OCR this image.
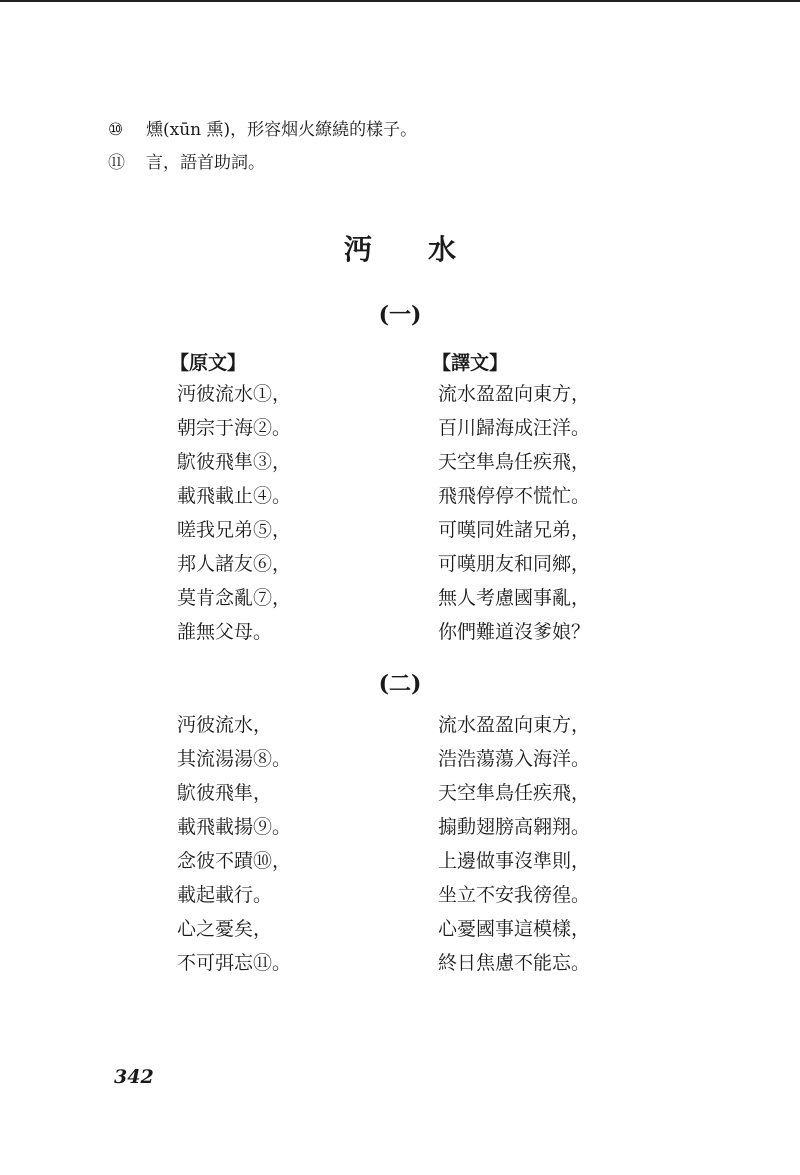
⑩ 燻(xūn 熏)，形容烟火繚繞的樣子。
⑪ 言，語首助詞。
沔水
(一)
【原文】	【譯文】
沔彼流水①，
朝宗于海②。
鴥彼飛隼③，
載飛載止④。
嗟我兄弟⑤，
邦人諸友⑥，
莫肯念亂⑦，
誰無父母。
流水盈盈向東方，
百川歸海成汪洋。
天空隼鳥任疾飛，
飛飛停停不慌忙。
可嘆同姓諸兄弟，
可嘆朋友和同鄉，
無人考慮國事亂，
你們難道沒爹娘？
(二)
沔彼流水，
其流湯湯⑧。
鴥彼飛隼，
載飛載揚⑨。
念彼不蹟⑩，
載起載行。
心之憂矣，
不可弭忘⑪。
流水盈盈向東方，
浩浩蕩蕩入海洋。
天空隼鳥任疾飛，
搧動翅膀高翱翔。
上邊做事沒準則，
坐立不安我徬徨。
心憂國事這模樣，
終日焦慮不能忘。
342
